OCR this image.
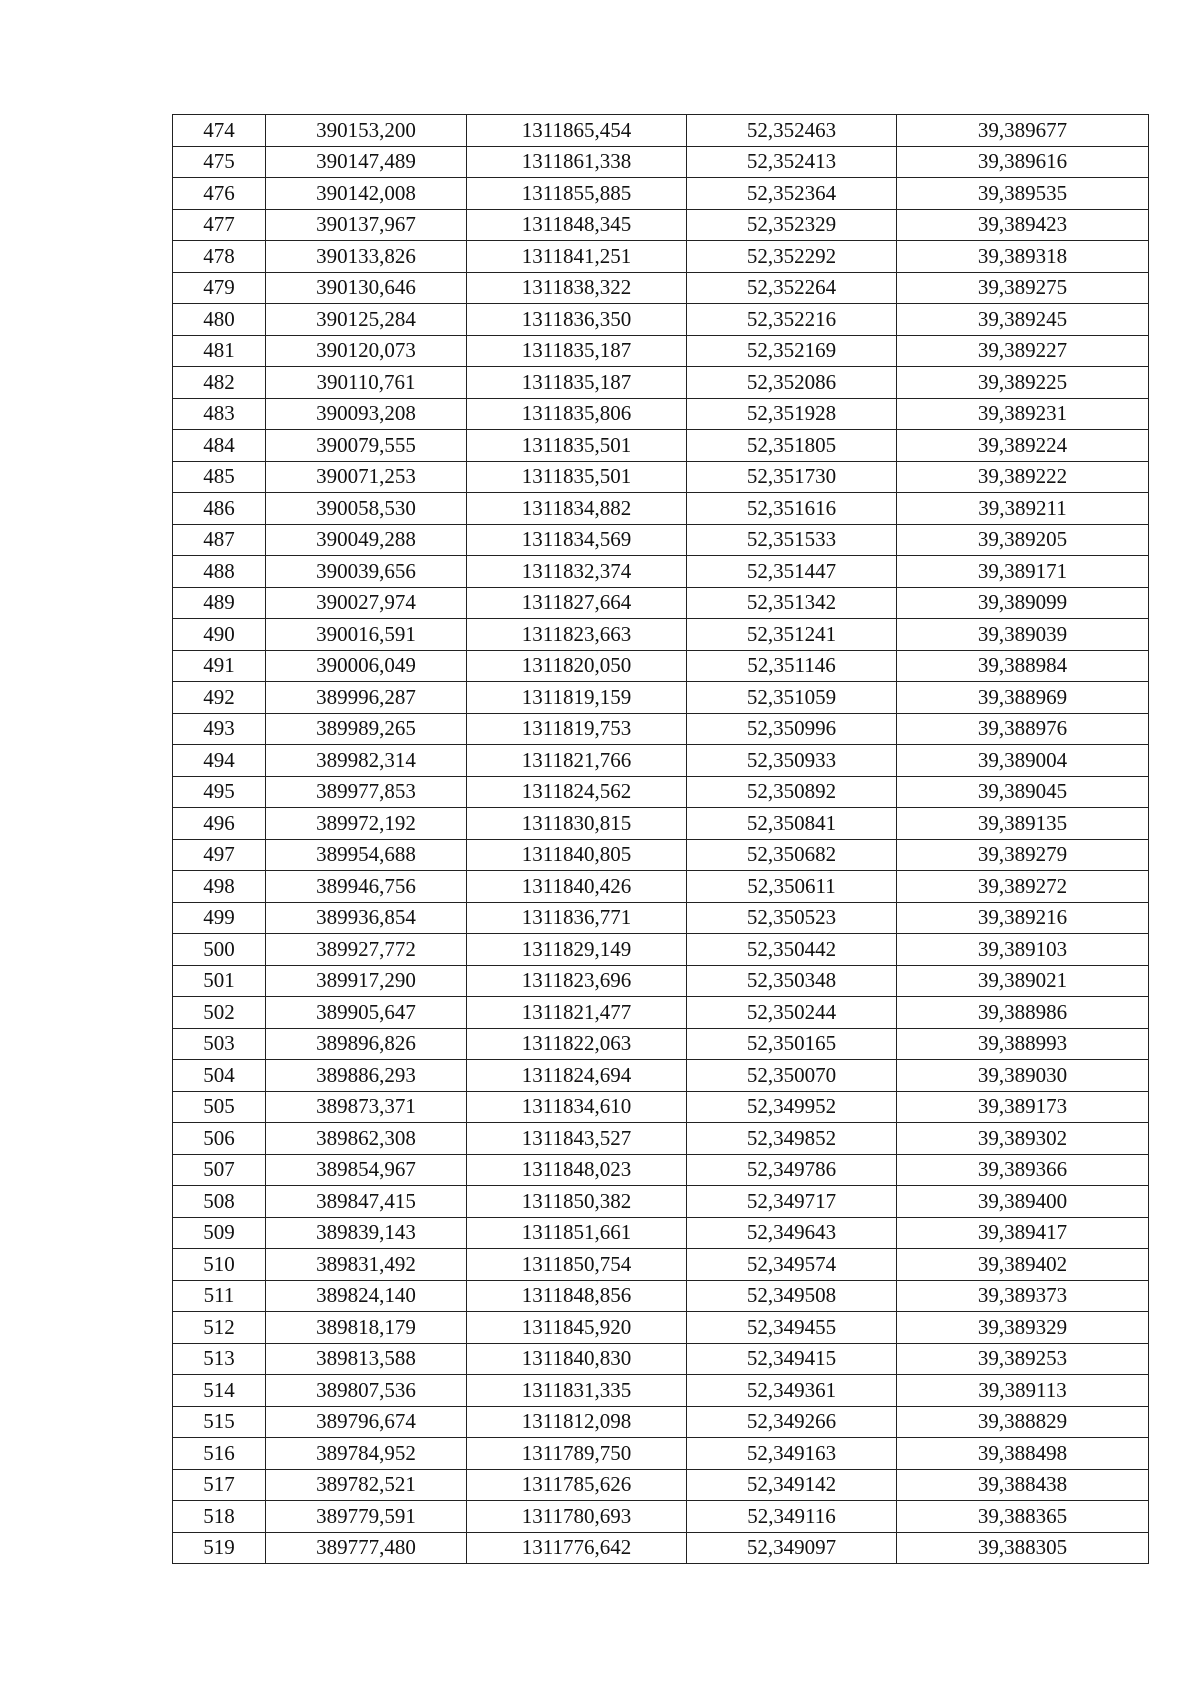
474	390153,200	1311865,454	52,352463	39,389677
475	390147,489	1311861,338	52,352413	39,389616
476	390142,008	1311855,885	52,352364	39,389535
477	390137,967	1311848,345	52,352329	39,389423
478	390133,826	1311841,251	52,352292	39,389318
479	390130,646	1311838,322	52,352264	39,389275
480	390125,284	1311836,350	52,352216	39,389245
481	390120,073	1311835,187	52,352169	39,389227
482	390110,761	1311835,187	52,352086	39,389225
483	390093,208	1311835,806	52,351928	39,389231
484	390079,555	1311835,501	52,351805	39,389224
485	390071,253	1311835,501	52,351730	39,389222
486	390058,530	1311834,882	52,351616	39,389211
487	390049,288	1311834,569	52,351533	39,389205
488	390039,656	1311832,374	52,351447	39,389171
489	390027,974	1311827,664	52,351342	39,389099
490	390016,591	1311823,663	52,351241	39,389039
491	390006,049	1311820,050	52,351146	39,388984
492	389996,287	1311819,159	52,351059	39,388969
493	389989,265	1311819,753	52,350996	39,388976
494	389982,314	1311821,766	52,350933	39,389004
495	389977,853	1311824,562	52,350892	39,389045
496	389972,192	1311830,815	52,350841	39,389135
497	389954,688	1311840,805	52,350682	39,389279
498	389946,756	1311840,426	52,350611	39,389272
499	389936,854	1311836,771	52,350523	39,389216
500	389927,772	1311829,149	52,350442	39,389103
501	389917,290	1311823,696	52,350348	39,389021
502	389905,647	1311821,477	52,350244	39,388986
503	389896,826	1311822,063	52,350165	39,388993
504	389886,293	1311824,694	52,350070	39,389030
505	389873,371	1311834,610	52,349952	39,389173
506	389862,308	1311843,527	52,349852	39,389302
507	389854,967	1311848,023	52,349786	39,389366
508	389847,415	1311850,382	52,349717	39,389400
509	389839,143	1311851,661	52,349643	39,389417
510	389831,492	1311850,754	52,349574	39,389402
511	389824,140	1311848,856	52,349508	39,389373
512	389818,179	1311845,920	52,349455	39,389329
513	389813,588	1311840,830	52,349415	39,389253
514	389807,536	1311831,335	52,349361	39,389113
515	389796,674	1311812,098	52,349266	39,388829
516	389784,952	1311789,750	52,349163	39,388498
517	389782,521	1311785,626	52,349142	39,388438
518	389779,591	1311780,693	52,349116	39,388365
519	389777,480	1311776,642	52,349097	39,388305
